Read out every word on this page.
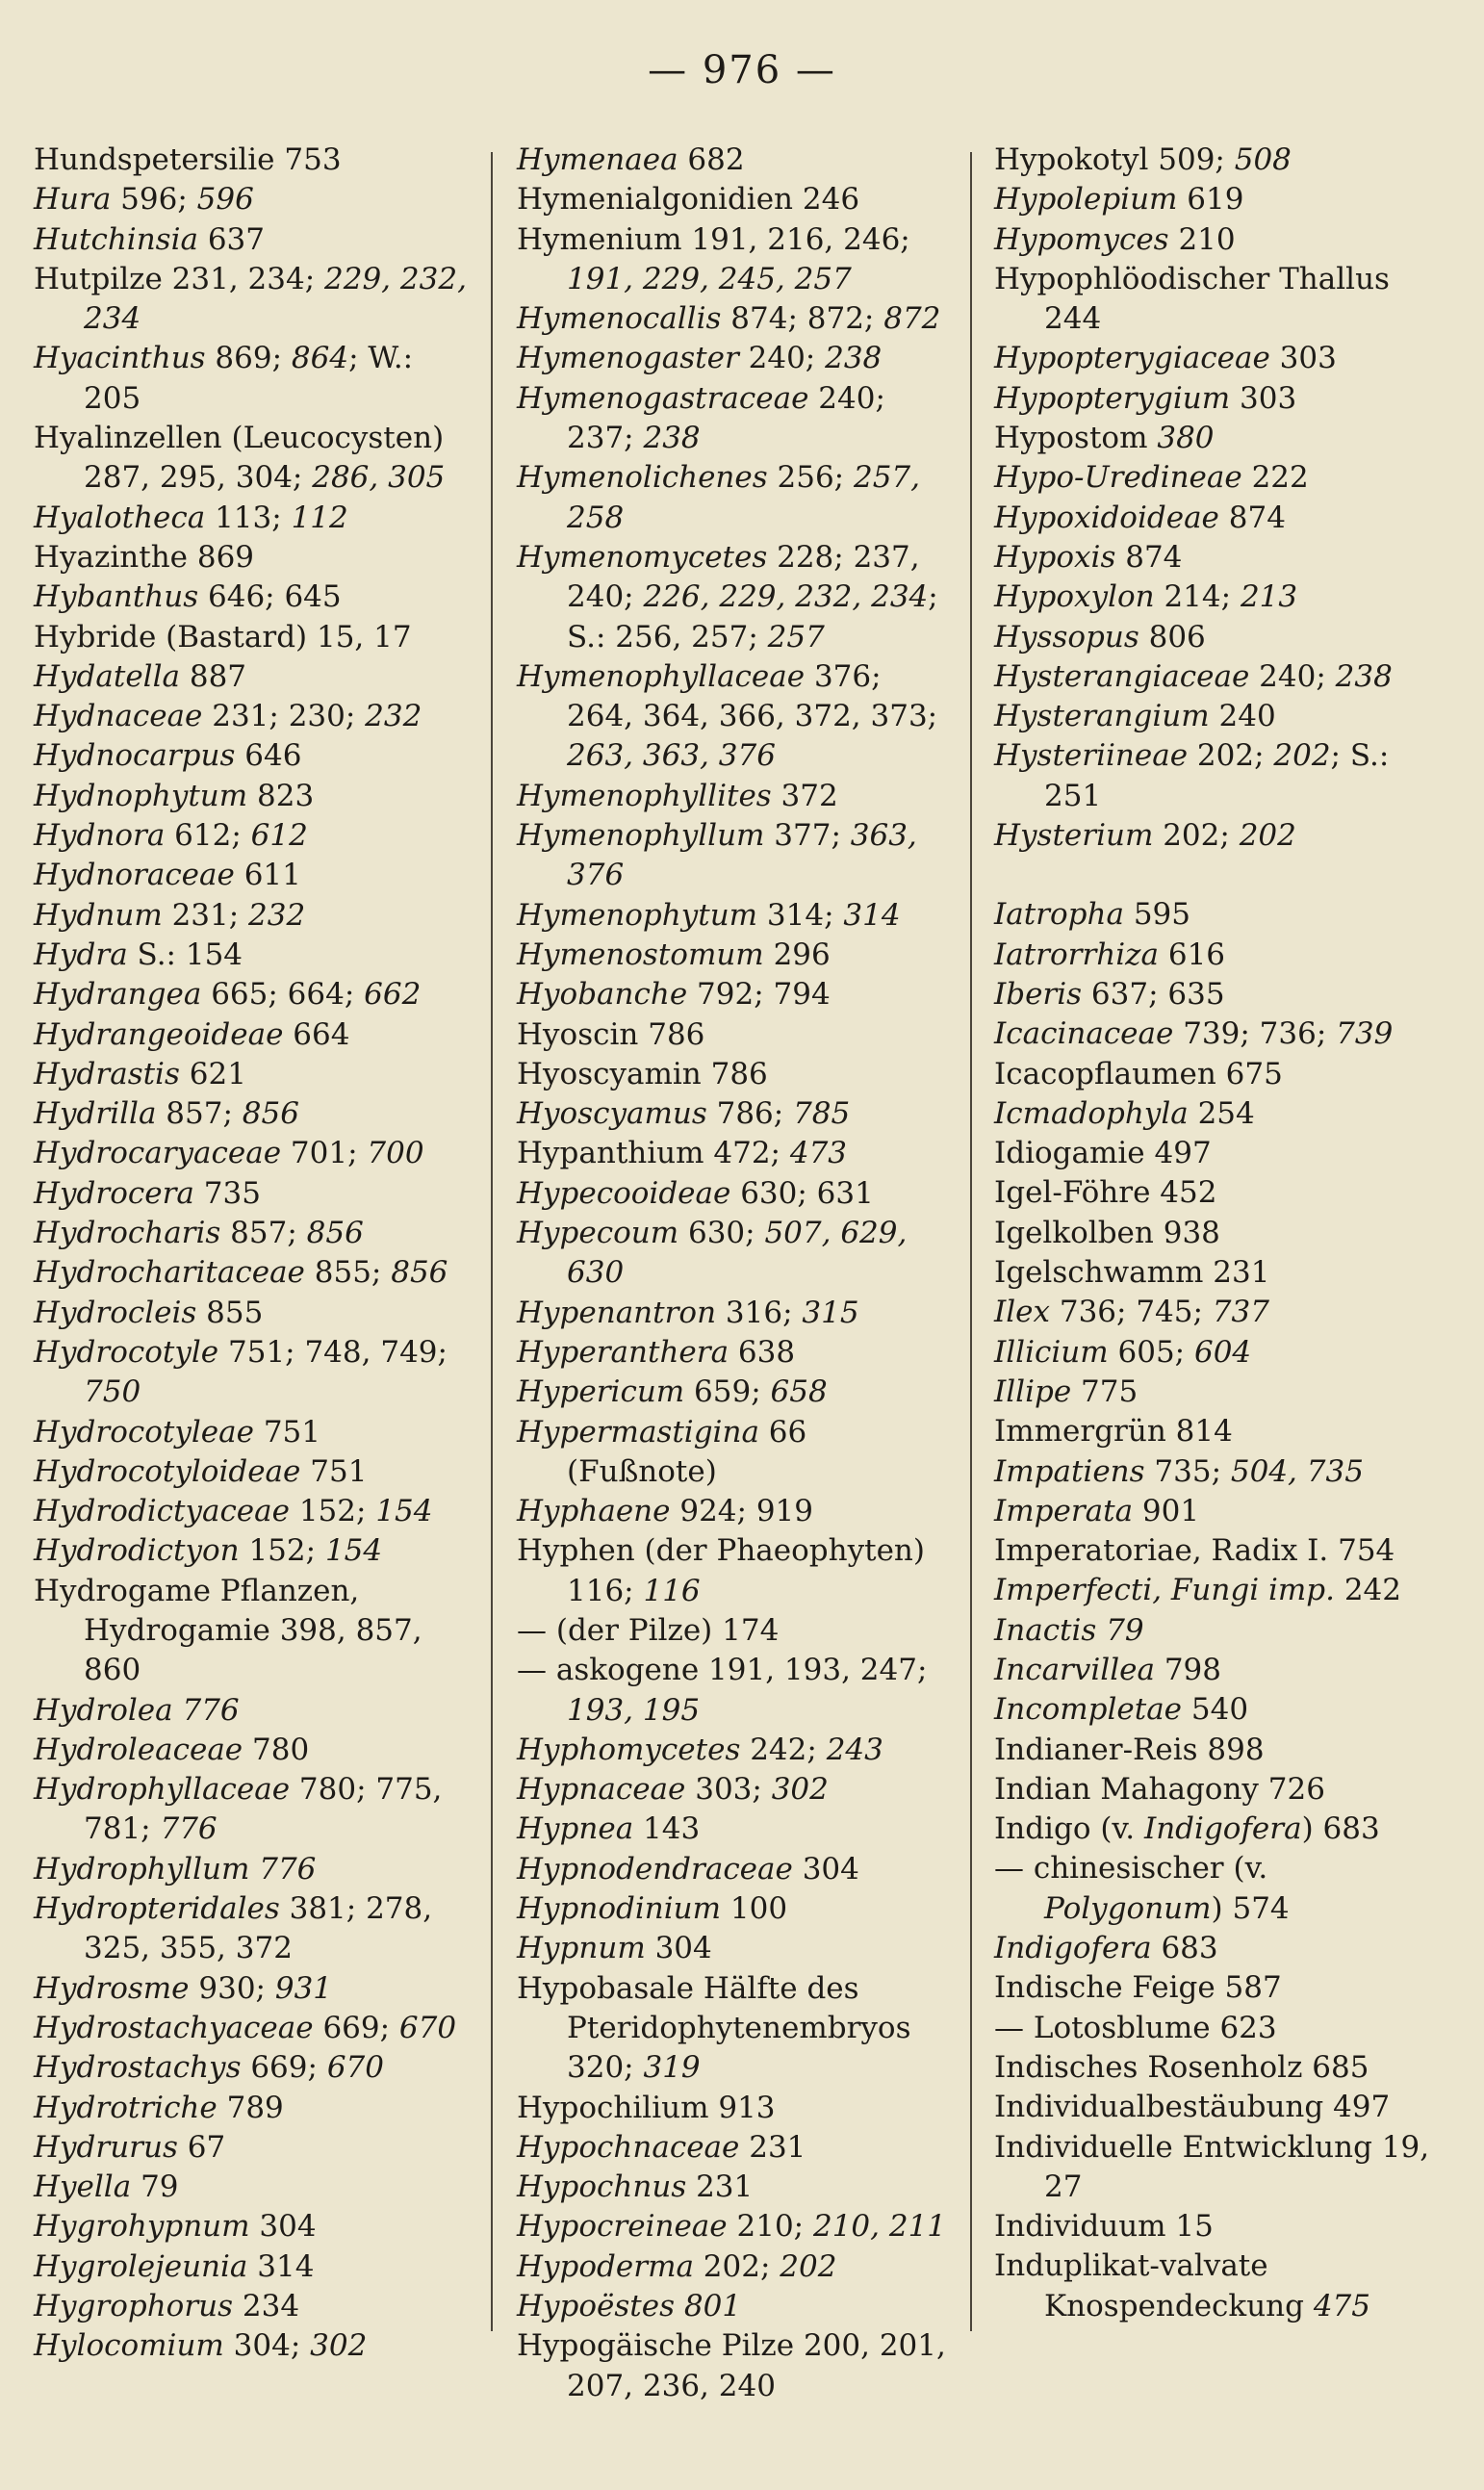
— 976 —
Hundspetersilie 753
Hura 596; 596
Hutchinsia 637
Hutpilze 231, 234; 229, 232, 234
Hyacinthus 869; 864; W.: 205
Hyalinzellen (Leucocysten) 287, 295, 304; 286, 305
Hyalotheca 113; 112
Hyazinthe 869
Hybanthus 646; 645
Hybride (Bastard) 15, 17
Hydatella 887
Hydnaceae 231; 230; 232
Hydnocarpus 646
Hydnophytum 823
Hydnora 612; 612
Hydnoraceae 611
Hydnum 231; 232
Hydra S.: 154
Hydrangea 665; 664; 662
Hydrangeoideae 664
Hydrastis 621
Hydrilla 857; 856
Hydrocaryaceae 701; 700
Hydrocera 735
Hydrocharis 857; 856
Hydrocharitaceae 855; 856
Hydrocleis 855
Hydrocotyle 751; 748, 749; 750
Hydrocotyleae 751
Hydrocotyloideae 751
Hydrodictyaceae 152; 154
Hydrodictyon 152; 154
Hydrogame Pflanzen, Hydrogamie 398, 857, 860
Hydrolea 776
Hydroleaceae 780
Hydrophyllaceae 780; 775, 781; 776
Hydrophyllum 776
Hydropteridales 381; 278, 325, 355, 372
Hydrosme 930; 931
Hydrostachyaceae 669; 670
Hydrostachys 669; 670
Hydrotriche 789
Hydrurus 67
Hyella 79
Hygrohypnum 304
Hygrolejeunia 314
Hygrophorus 234
Hylocomium 304; 302
Hymenaea 682
Hymenialgonidien 246
Hymenium 191, 216, 246; 191, 229, 245, 257
Hymenocallis 874; 872; 872
Hymenogaster 240; 238
Hymenogastraceae 240; 237; 238
Hymenolichenes 256; 257, 258
Hymenomycetes 228; 237, 240; 226, 229, 232, 234; S.: 256, 257; 257
Hymenophyllaceae 376; 264, 364, 366, 372, 373; 263, 363, 376
Hymenophyllites 372
Hymenophyllum 377; 363, 376
Hymenophytum 314; 314
Hymenostomum 296
Hyobanche 792; 794
Hyoscin 786
Hyoscyamin 786
Hyoscyamus 786; 785
Hypanthium 472; 473
Hypecooideae 630; 631
Hypecoum 630; 507, 629, 630
Hypenantron 316; 315
Hyperanthera 638
Hypericum 659; 658
Hypermastigina 66 (Fußnote)
Hyphaene 924; 919
Hyphen (der Phaeophyten) 116; 116
— (der Pilze) 174
— askogene 191, 193, 247; 193, 195
Hyphomycetes 242; 243
Hypnaceae 303; 302
Hypnea 143
Hypnodendraceae 304
Hypnodinium 100
Hypnum 304
Hypobasale Hälfte des Pteridophytenembryos 320; 319
Hypochilium 913
Hypochnaceae 231
Hypochnus 231
Hypocreineae 210; 210, 211
Hypoderma 202; 202
Hypoëstes 801
Hypogäische Pilze 200, 201, 207, 236, 240
Hypokotyl 509; 508
Hypolepium 619
Hypomyces 210
Hypophlöodischer Thallus 244
Hypopterygiaceae 303
Hypopterygium 303
Hypostom 380
Hypo-Uredineae 222
Hypoxidoideae 874
Hypoxis 874
Hypoxylon 214; 213
Hyssopus 806
Hysterangiaceae 240; 238
Hysterangium 240
Hysteriineae 202; 202; S.: 251
Hysterium 202; 202
Iatropha 595
Iatrorrhiza 616
Iberis 637; 635
Icacinaceae 739; 736; 739
Icacopflaumen 675
Icmadophyla 254
Idiogamie 497
Igel-Föhre 452
Igelkolben 938
Igelschwamm 231
Ilex 736; 745; 737
Illicium 605; 604
Illipe 775
Immergrün 814
Impatiens 735; 504, 735
Imperata 901
Imperatoriae, Radix I. 754
Imperfecti, Fungi imp. 242
Inactis 79
Incarvillea 798
Incompletae 540
Indianer-Reis 898
Indian Mahagony 726
Indigo (v. Indigofera) 683
— chinesischer (v. Polygonum) 574
Indigofera 683
Indische Feige 587
— Lotosblume 623
Indisches Rosenholz 685
Individualbestäubung 497
Individuelle Entwicklung 19, 27
Individuum 15
Induplikat-valvate Knospendeckung 475
